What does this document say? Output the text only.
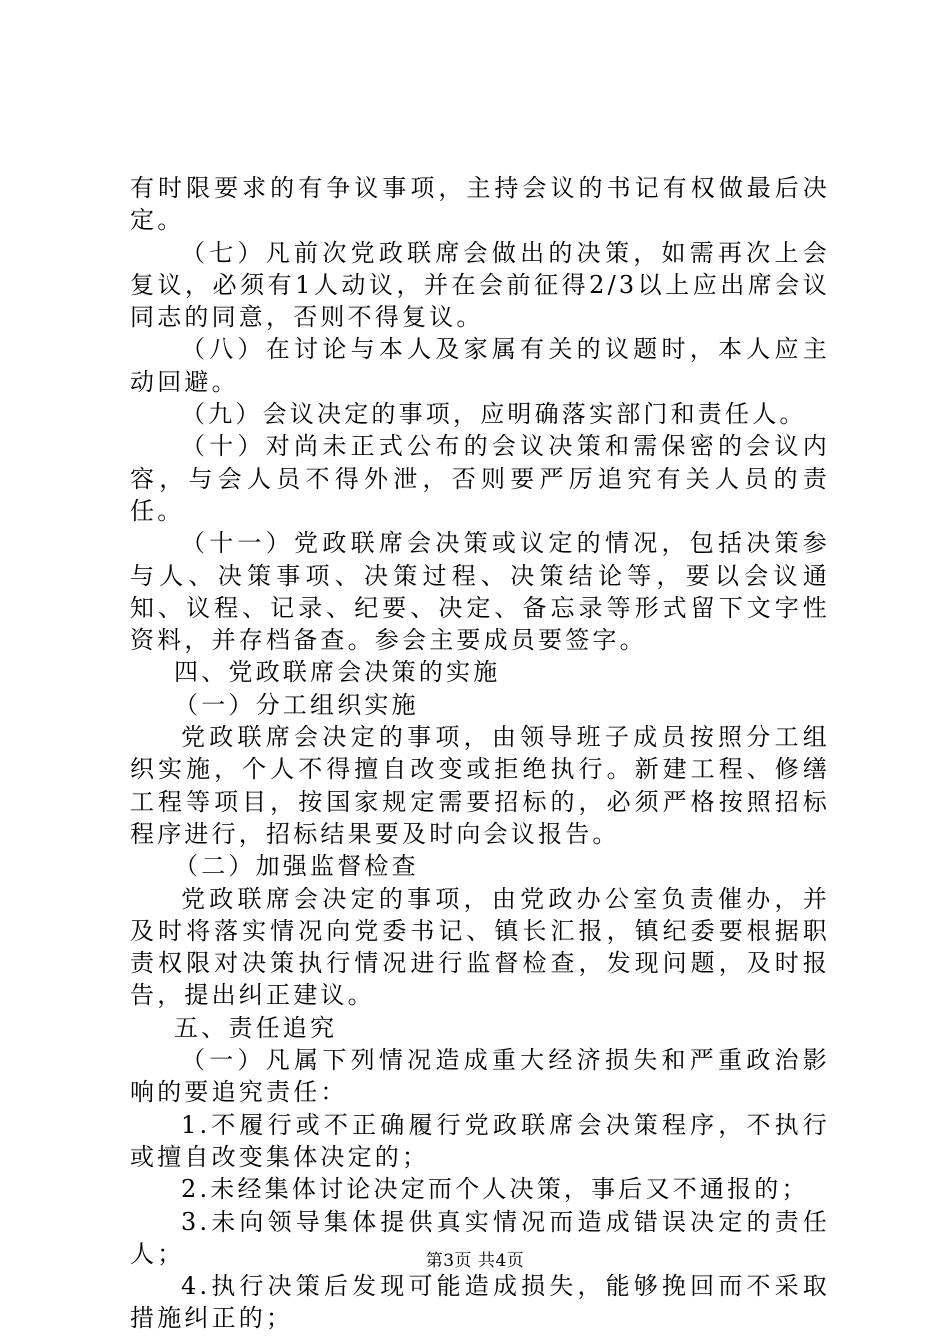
有时限要求的有争议事项，主持会议的书记有权做最后决定。

（七）凡前次党政联席会做出的决策，如需再次上会复议，必须有1人动议，并在会前征得2/3以上应出席会议同志的同意，否则不得复议。

（八）在讨论与本人及家属有关的议题时，本人应主动回避。

（九）会议决定的事项，应明确落实部门和责任人。

（十）对尚未正式公布的会议决策和需保密的会议内容，与会人员不得外泄，否则要严厉追究有关人员的责任。

（十一）党政联席会决策或议定的情况，包括决策参与人、决策事项、决策过程、决策结论等，要以会议通知、议程、记录、纪要、决定、备忘录等形式留下文字性资料，并存档备查。参会主要成员要签字。

四、党政联席会决策的实施

（一）分工组织实施

党政联席会决定的事项，由领导班子成员按照分工组织实施，个人不得擅自改变或拒绝执行。新建工程、修缮工程等项目，按国家规定需要招标的，必须严格按照招标程序进行，招标结果要及时向会议报告。

（二）加强监督检查

党政联席会决定的事项，由党政办公室负责催办，并及时将落实情况向党委书记、镇长汇报，镇纪委要根据职责权限对决策执行情况进行监督检查，发现问题，及时报告，提出纠正建议。

五、责任追究

（一）凡属下列情况造成重大经济损失和严重政治影响的要追究责任：

1.不履行或不正确履行党政联席会决策程序，不执行或擅自改变集体决定的；

2.未经集体讨论决定而个人决策，事后又不通报的；

3.未向领导集体提供真实情况而造成错误决定的责任人；

4.执行决策后发现可能造成损失，能够挽回而不采取措施纠正的；

第3页 共4页
